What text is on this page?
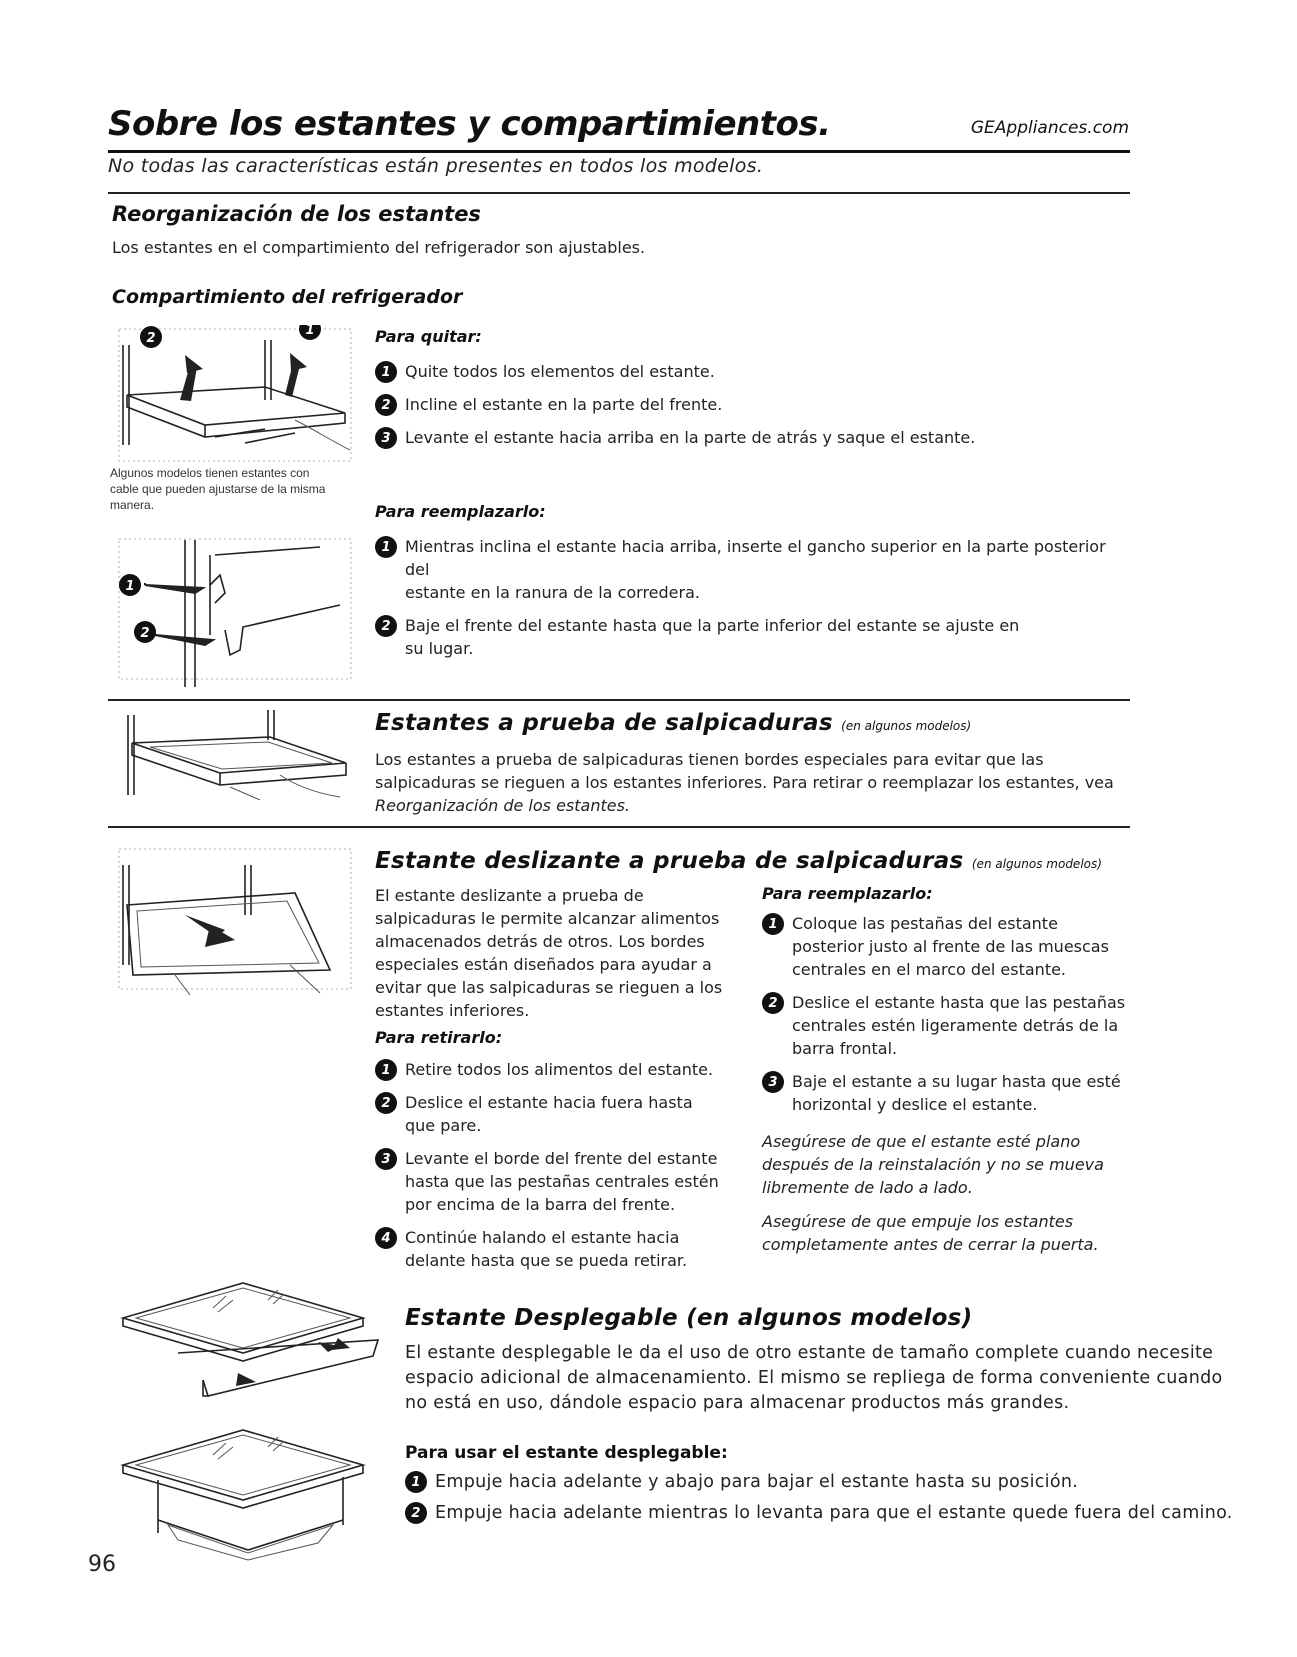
Sobre los estantes y compartimientos.	GEAppliances.com
No todas las características están presentes en todos los modelos.
Reorganización de los estantes
Los estantes en el compartimiento del refrigerador son ajustables.
Compartimiento del refrigerador
2
1
Algunos modelos tienen estantes con
cable que pueden ajustarse de la misma
manera.
1
2
Para quitar:
1 Quite todos los elementos del estante.
2 Incline el estante en la parte del frente.
3 Levante el estante hacia arriba en la parte de atrás y saque el estante.
Para reemplazarlo:
1 Mientras inclina el estante hacia arriba, inserte el gancho superior en la parte posterior del
estante en la ranura de la corredera.
2 Baje el frente del estante hasta que la parte inferior del estante se ajuste en
su lugar.
Estantes a prueba de salpicaduras (en algunos modelos)
Los estantes a prueba de salpicaduras tienen bordes especiales para evitar que las
salpicaduras se rieguen a los estantes inferiores. Para retirar o reemplazar los estantes, vea
Reorganización de los estantes.
Estante deslizante a prueba de salpicaduras (en algunos modelos)
El estante deslizante a prueba de
salpicaduras le permite alcanzar alimentos
almacenados detrás de otros. Los bordes
especiales están diseñados para ayudar a
evitar que las salpicaduras se rieguen a los
estantes inferiores.
Para retirarlo:
1 Retire todos los alimentos del estante.
2 Deslice el estante hacia fuera hasta
que pare.
3 Levante el borde del frente del estante
hasta que las pestañas centrales estén
por encima de la barra del frente.
4 Continúe halando el estante hacia
delante hasta que se pueda retirar.
Para reemplazarlo:
1 Coloque las pestañas del estante
posterior justo al frente de las muescas
centrales en el marco del estante.
2 Deslice el estante hasta que las pestañas
centrales estén ligeramente detrás de la
barra frontal.
3 Baje el estante a su lugar hasta que esté
horizontal y deslice el estante.
Asegúrese de que el estante esté plano
después de la reinstalación y no se mueva
libremente de lado a lado.
Asegúrese de que empuje los estantes
completamente antes de cerrar la puerta.
Estante Desplegable (en algunos modelos)
El estante desplegable le da el uso de otro estante de tamaño complete cuando necesite
espacio adicional de almacenamiento. El mismo se repliega de forma conveniente cuando
no está en uso, dándole espacio para almacenar productos más grandes.
Para usar el estante desplegable:
1 Empuje hacia adelante y abajo para bajar el estante hasta su posición.
2 Empuje hacia adelante mientras lo levanta para que el estante quede fuera del camino.
96
